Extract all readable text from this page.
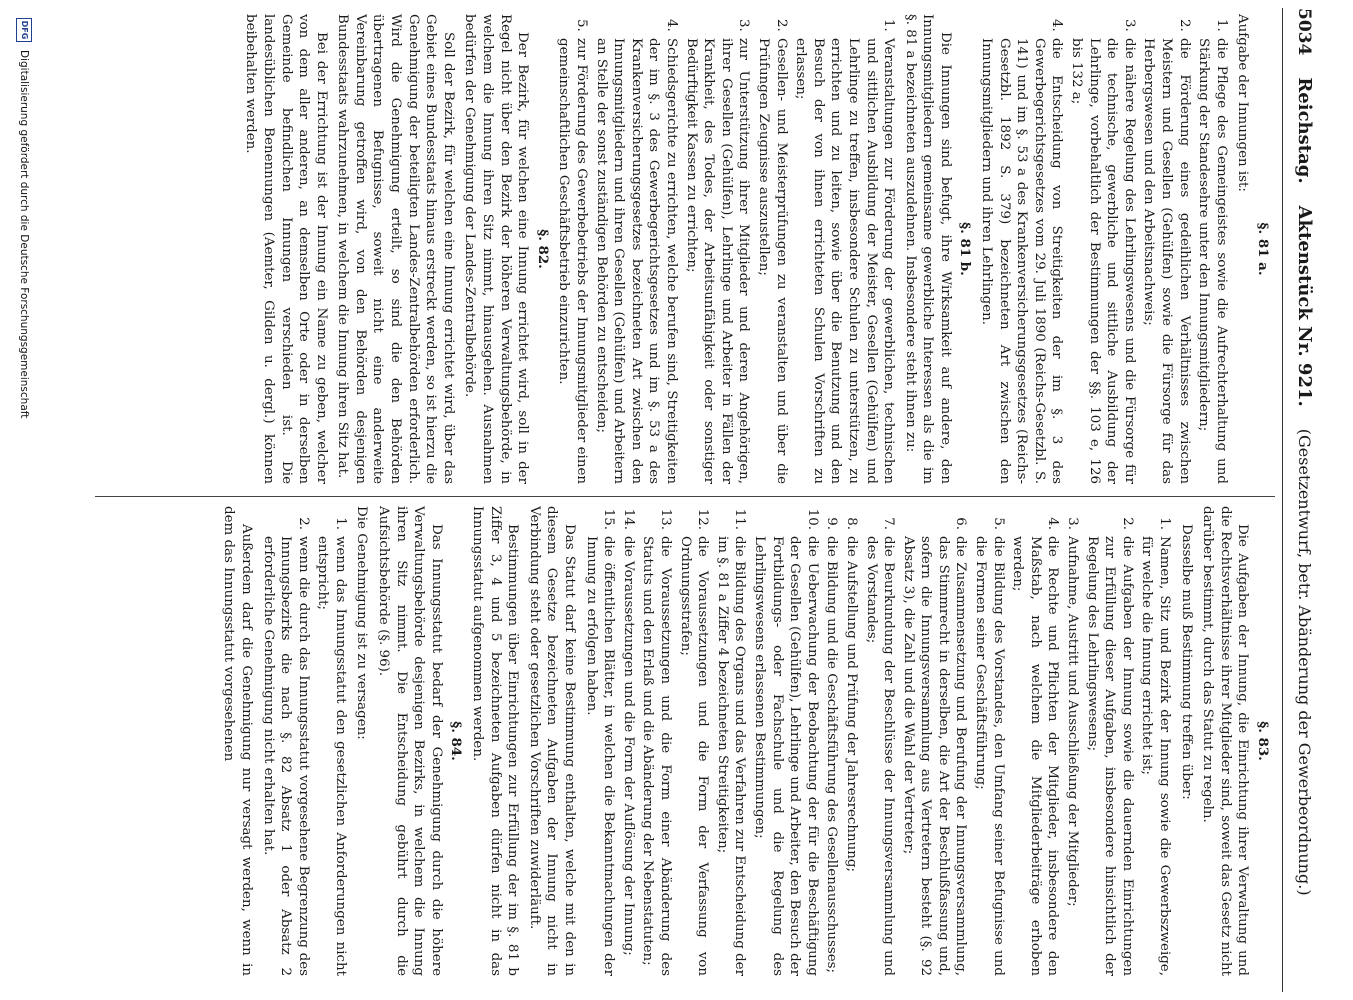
5034
Reichstag.
Aktenstück Nr. 921.
(Gesetzentwurf, betr. Abänderung der Gewerbeordnung.)
§. 81 a.

Aufgabe der Innungen ist:

1. die Pflege des Gemeingeistes sowie die Aufrechterhaltung und Stärkung der Standesehre unter den Innungsmitgliedern;
2. die Förderung eines gedeihlichen Verhältnisses zwischen Meistern und Gesellen (Gehülfen) sowie die Fürsorge für das Herbergswesen und den Arbeitsnachweis;
3. die nähere Regelung des Lehrlingswesens und die Fürsorge für die technische, gewerbliche und sittliche Ausbildung der Lehrlinge, vorbehaltlich der Bestimmungen der §§. 103 e, 126 bis 132 a;
4. die Entscheidung von Streitigkeiten der im §. 3 des Gewerbegerichtsgesetzes vom 29. Juli 1890 (Reichs-Gesetzbl. S. 141) und im §. 53 a des Krankenversicherungsgesetzes (Reichs-Gesetzbl. 1892 S. 379) bezeichneten Art zwischen den Innungsmitgliedern und ihren Lehrlingen.
§. 81 b.

Die Innungen sind befugt, ihre Wirksamkeit auf andere, den Innungsmitgliedern gemeinsame gewerbliche Interessen als die im §. 81 a bezeichneten auszudehnen. Insbesondere steht ihnen zu:

1. Veranstaltungen zur Förderung der gewerblichen, technischen und sittlichen Ausbildung der Meister, Gesellen (Gehülfen) und Lehrlinge zu treffen, insbesondere Schulen zu unterstützen, zu errichten und zu leiten, sowie über die Benutzung und den Besuch der von ihnen errichteten Schulen Vorschriften zu erlassen;
2. Gesellen- und Meisterprüfungen zu veranstalten und über die Prüfungen Zeugnisse auszustellen;
3. zur Unterstützung ihrer Mitglieder und deren Angehörigen, ihrer Gesellen (Gehülfen), Lehrlinge und Arbeiter in Fällen der Krankheit, des Todes, der Arbeitsunfähigkeit oder sonstiger Bedürftigkeit Kassen zu errichten;
4. Schiedsgerichte zu errichten, welche berufen sind, Streitigkeiten der im §. 3 des Gewerbegerichtsgesetzes und im §. 53 a des Krankenversicherungsgesetzes bezeichneten Art zwischen den Innungsmitgliedern und ihren Gesellen (Gehülfen) und Arbeitern an Stelle der sonst zuständigen Behörden zu entscheiden;
5. zur Förderung des Gewerbebetriebs der Innungsmitglieder einen gemeinschaftlichen Geschäftsbetrieb einzurichten.
§. 82.

Der Bezirk, für welchen eine Innung errichtet wird, soll in der Regel nicht über den Bezirk der höheren Verwaltungsbehörde, in welchem die Innung ihren Sitz nimmt, hinausgehen. Ausnahmen bedürfen der Genehmigung der Landes-Zentralbehörde.

Soll der Bezirk, für welchen eine Innung errichtet wird, über das Gebiet eines Bundesstaats hinaus erstreckt werden, so ist hierzu die Genehmigung der beteiligten Landes-Zentralbehörden erforderlich. Wird die Genehmigung erteilt, so sind die den Behörden übertragenen Befugnisse, soweit nicht eine anderweite Vereinbarung getroffen wird, von den Behörden desjenigen Bundesstaats wahrzunehmen, in welchem die Innung ihren Sitz hat.

Bei der Errichtung ist der Innung ein Name zu geben, welcher von dem aller anderen, an demselben Orte oder in derselben Gemeinde befindlichen Innungen verschieden ist. Die landesüblichen Benennungen (Aemter, Gilden u. dergl.) können beibehalten werden.

§. 83.

Die Aufgaben der Innung, die Einrichtung ihrer Verwaltung und die Rechtsverhältnisse ihrer Mitglieder sind, soweit das Gesetz nicht darüber bestimmt, durch das Statut zu regeln.

Dasselbe muß Bestimmung treffen über:

1.
Namen, Sitz und Bezirk der Innung sowie die Gewerbszweige, für welche die Innung errichtet ist;
2.
die Aufgaben der Innung sowie die dauernden Einrichtungen zur Erfüllung dieser Aufgaben, insbesondere hinsichtlich der Regelung des Lehrlingswesens;
3.
Aufnahme, Austritt und Ausschließung der Mitglieder;
4.
die Rechte und Pflichten der Mitglieder, insbesondere den Maßstab, nach welchem die Mitgliederbeiträge erhoben werden;
5.
die Bildung des Vorstandes, den Umfang seiner Befugnisse und die Formen seiner Geschäftsführung;
6.
die Zusammensetzung und Berufung der Innungsversammlung, das Stimmrecht in derselben, die Art der Beschlußfassung und, sofern die Innungsversammlung aus Vertretern besteht (§. 92 Absatz 3), die Zahl und die Wahl der Vertreter;
7.
die Beurkundung der Beschlüsse der Innungsversammlung und des Vorstandes;
8.
die Aufstellung und Prüfung der Jahresrechnung;
9.
die Bildung und die Geschäftsführung des Gesellenausschusses;
10.
die Ueberwachung der Beobachtung der für die Beschäftigung der Gesellen (Gehülfen), Lehrlinge und Arbeiter, den Besuch der Fortbildungs- oder Fachschule und die Regelung des Lehrlingswesens erlassenen Bestimmungen;
11.
die Bildung des Organs und das Verfahren zur Entscheidung der im §. 81 a Ziffer 4 bezeichneten Streitigkeiten;
12.
die Voraussetzungen und die Form der Verfassung von Ordnungsstrafen;
13.
die Voraussetzungen und die Form einer Abänderung des Statuts und den Erlaß und die Abänderung der Nebenstatuten;
14.
die Voraussetzungen und die Form der Auflösung der Innung;
15.
die öffentlichen Blätter, in welchen die Bekanntmachungen der Innung zu erfolgen haben.

Das Statut darf keine Bestimmung enthalten, welche mit den in diesem Gesetze bezeichneten Aufgaben der Innung nicht in Verbindung steht oder gesetzlichen Vorschriften zuwiderläuft.

Bestimmungen über Einrichtungen zur Erfüllung der im §. 81 b Ziffer 3, 4 und 5 bezeichneten Aufgaben dürfen nicht in das Innungsstatut aufgenommen werden.

§. 84.

Das Innungsstatut bedarf der Genehmigung durch die höhere Verwaltungsbehörde desjenigen Bezirks, in welchem die Innung ihren Sitz nimmt. Die Entscheidung gebührt durch die Aufsichtsbehörde (§. 96).

Die Genehmigung ist zu versagen:

1.
wenn das Innungsstatut den gesetzlichen Anforderungen nicht entspricht;
2.
wenn die durch das Innungsstatut vorgesehene Begrenzung des Innungsbezirks die nach §. 82 Absatz 1 oder Absatz 2 erforderliche Genehmigung nicht erhalten hat.

Außerdem darf die Genehmigung nur versagt werden, wenn in dem das Innungsstatut vorgesehenen

DFG
Digitalisierung gefördert durch die Deutsche Forschungsgemeinschaft
